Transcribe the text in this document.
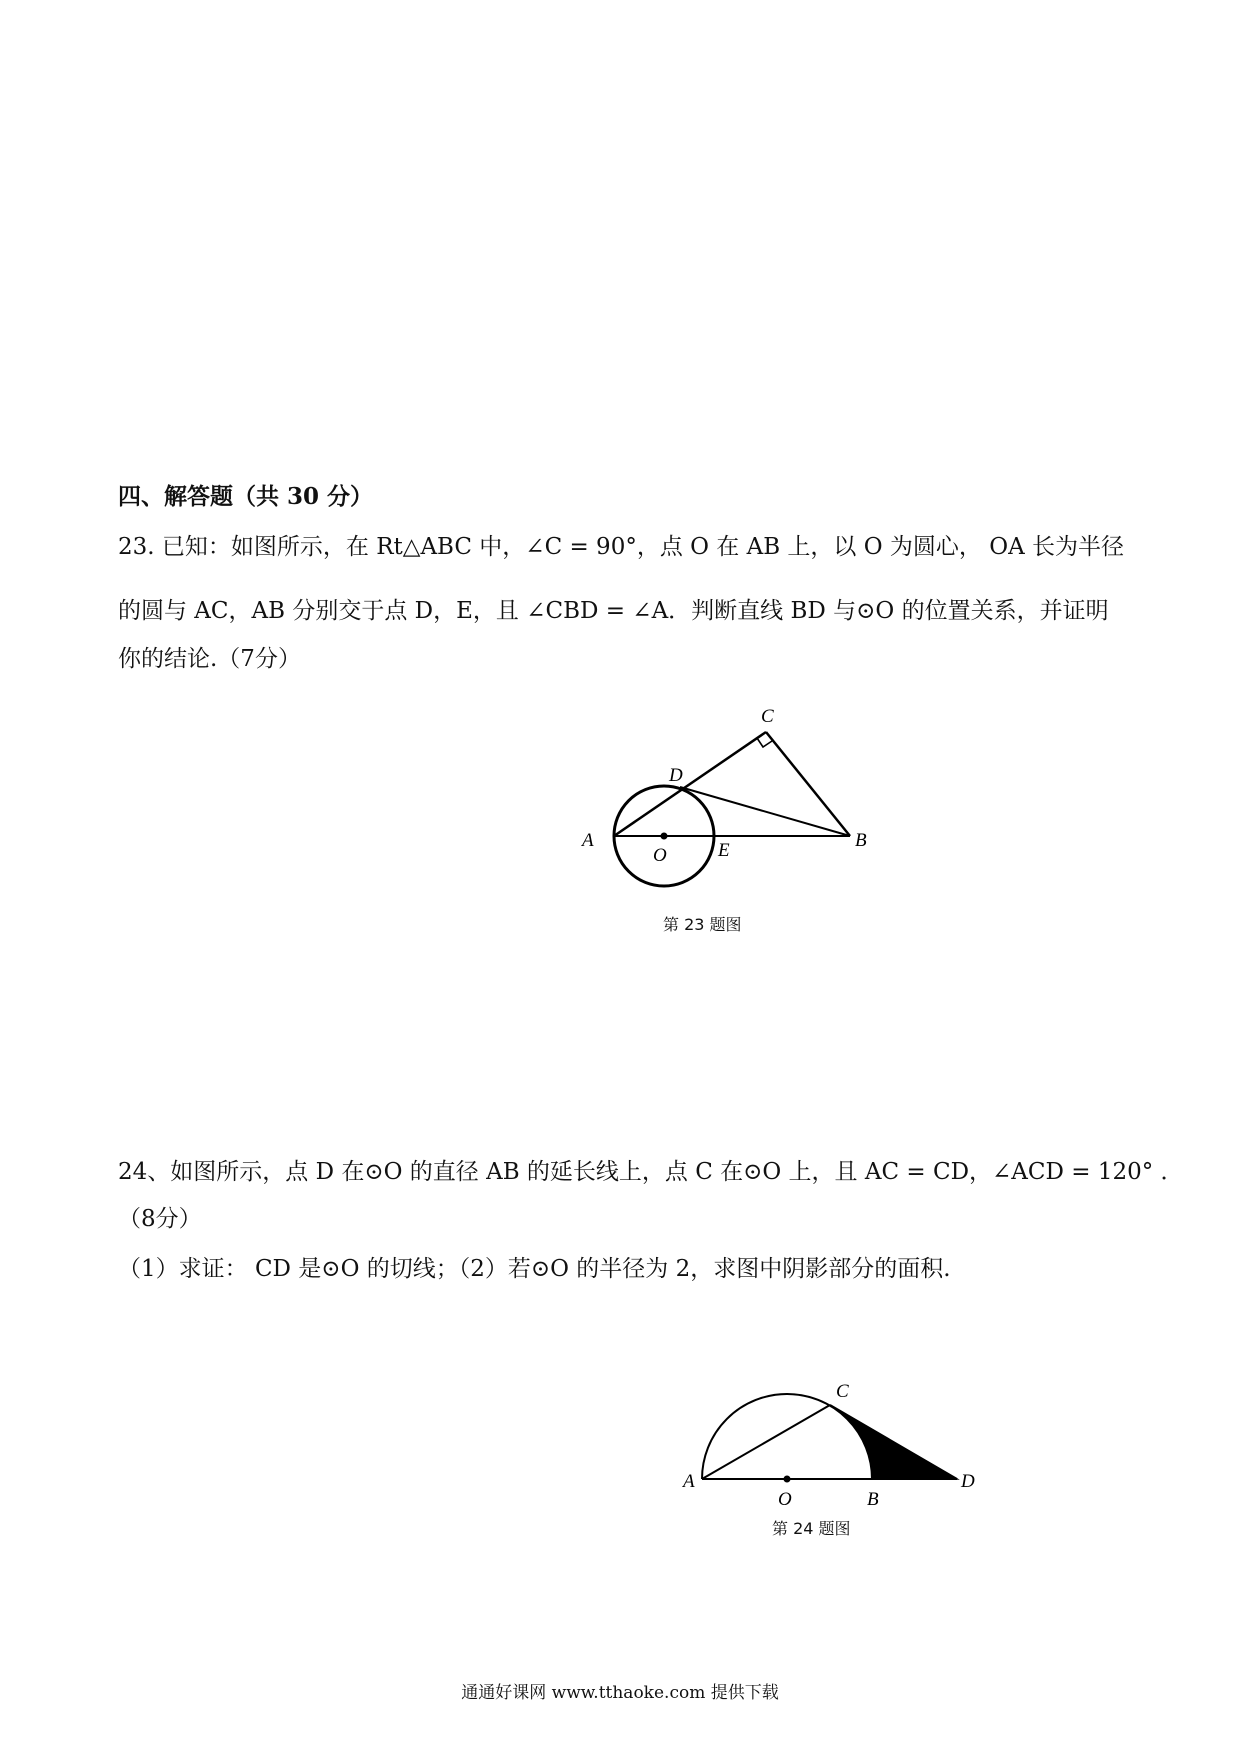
四、解答题（共 30 分）
23. 已知：如图所示，在 Rt△ABC 中，∠C = 90°，点 O 在 AB 上，以 O 为圆心， OA 长为半径
的圆与 AC，AB 分别交于点 D，E，且 ∠CBD = ∠A．判断直线 BD 与⊙O 的位置关系，并证明
你的结论.（7分）
A	B
C
D
E
O
第 23 题图
24、如图所示，点 D 在⊙O 的直径 AB 的延长线上，点 C 在⊙O 上，且 AC = CD，∠ACD = 120° ．
（8分）
（1）求证： CD 是⊙O 的切线；（2）若⊙O 的半径为 2，求图中阴影部分的面积.
A
O	B
C
D
第 24 题图
通通好课网 www.tthaoke.com 提供下载
